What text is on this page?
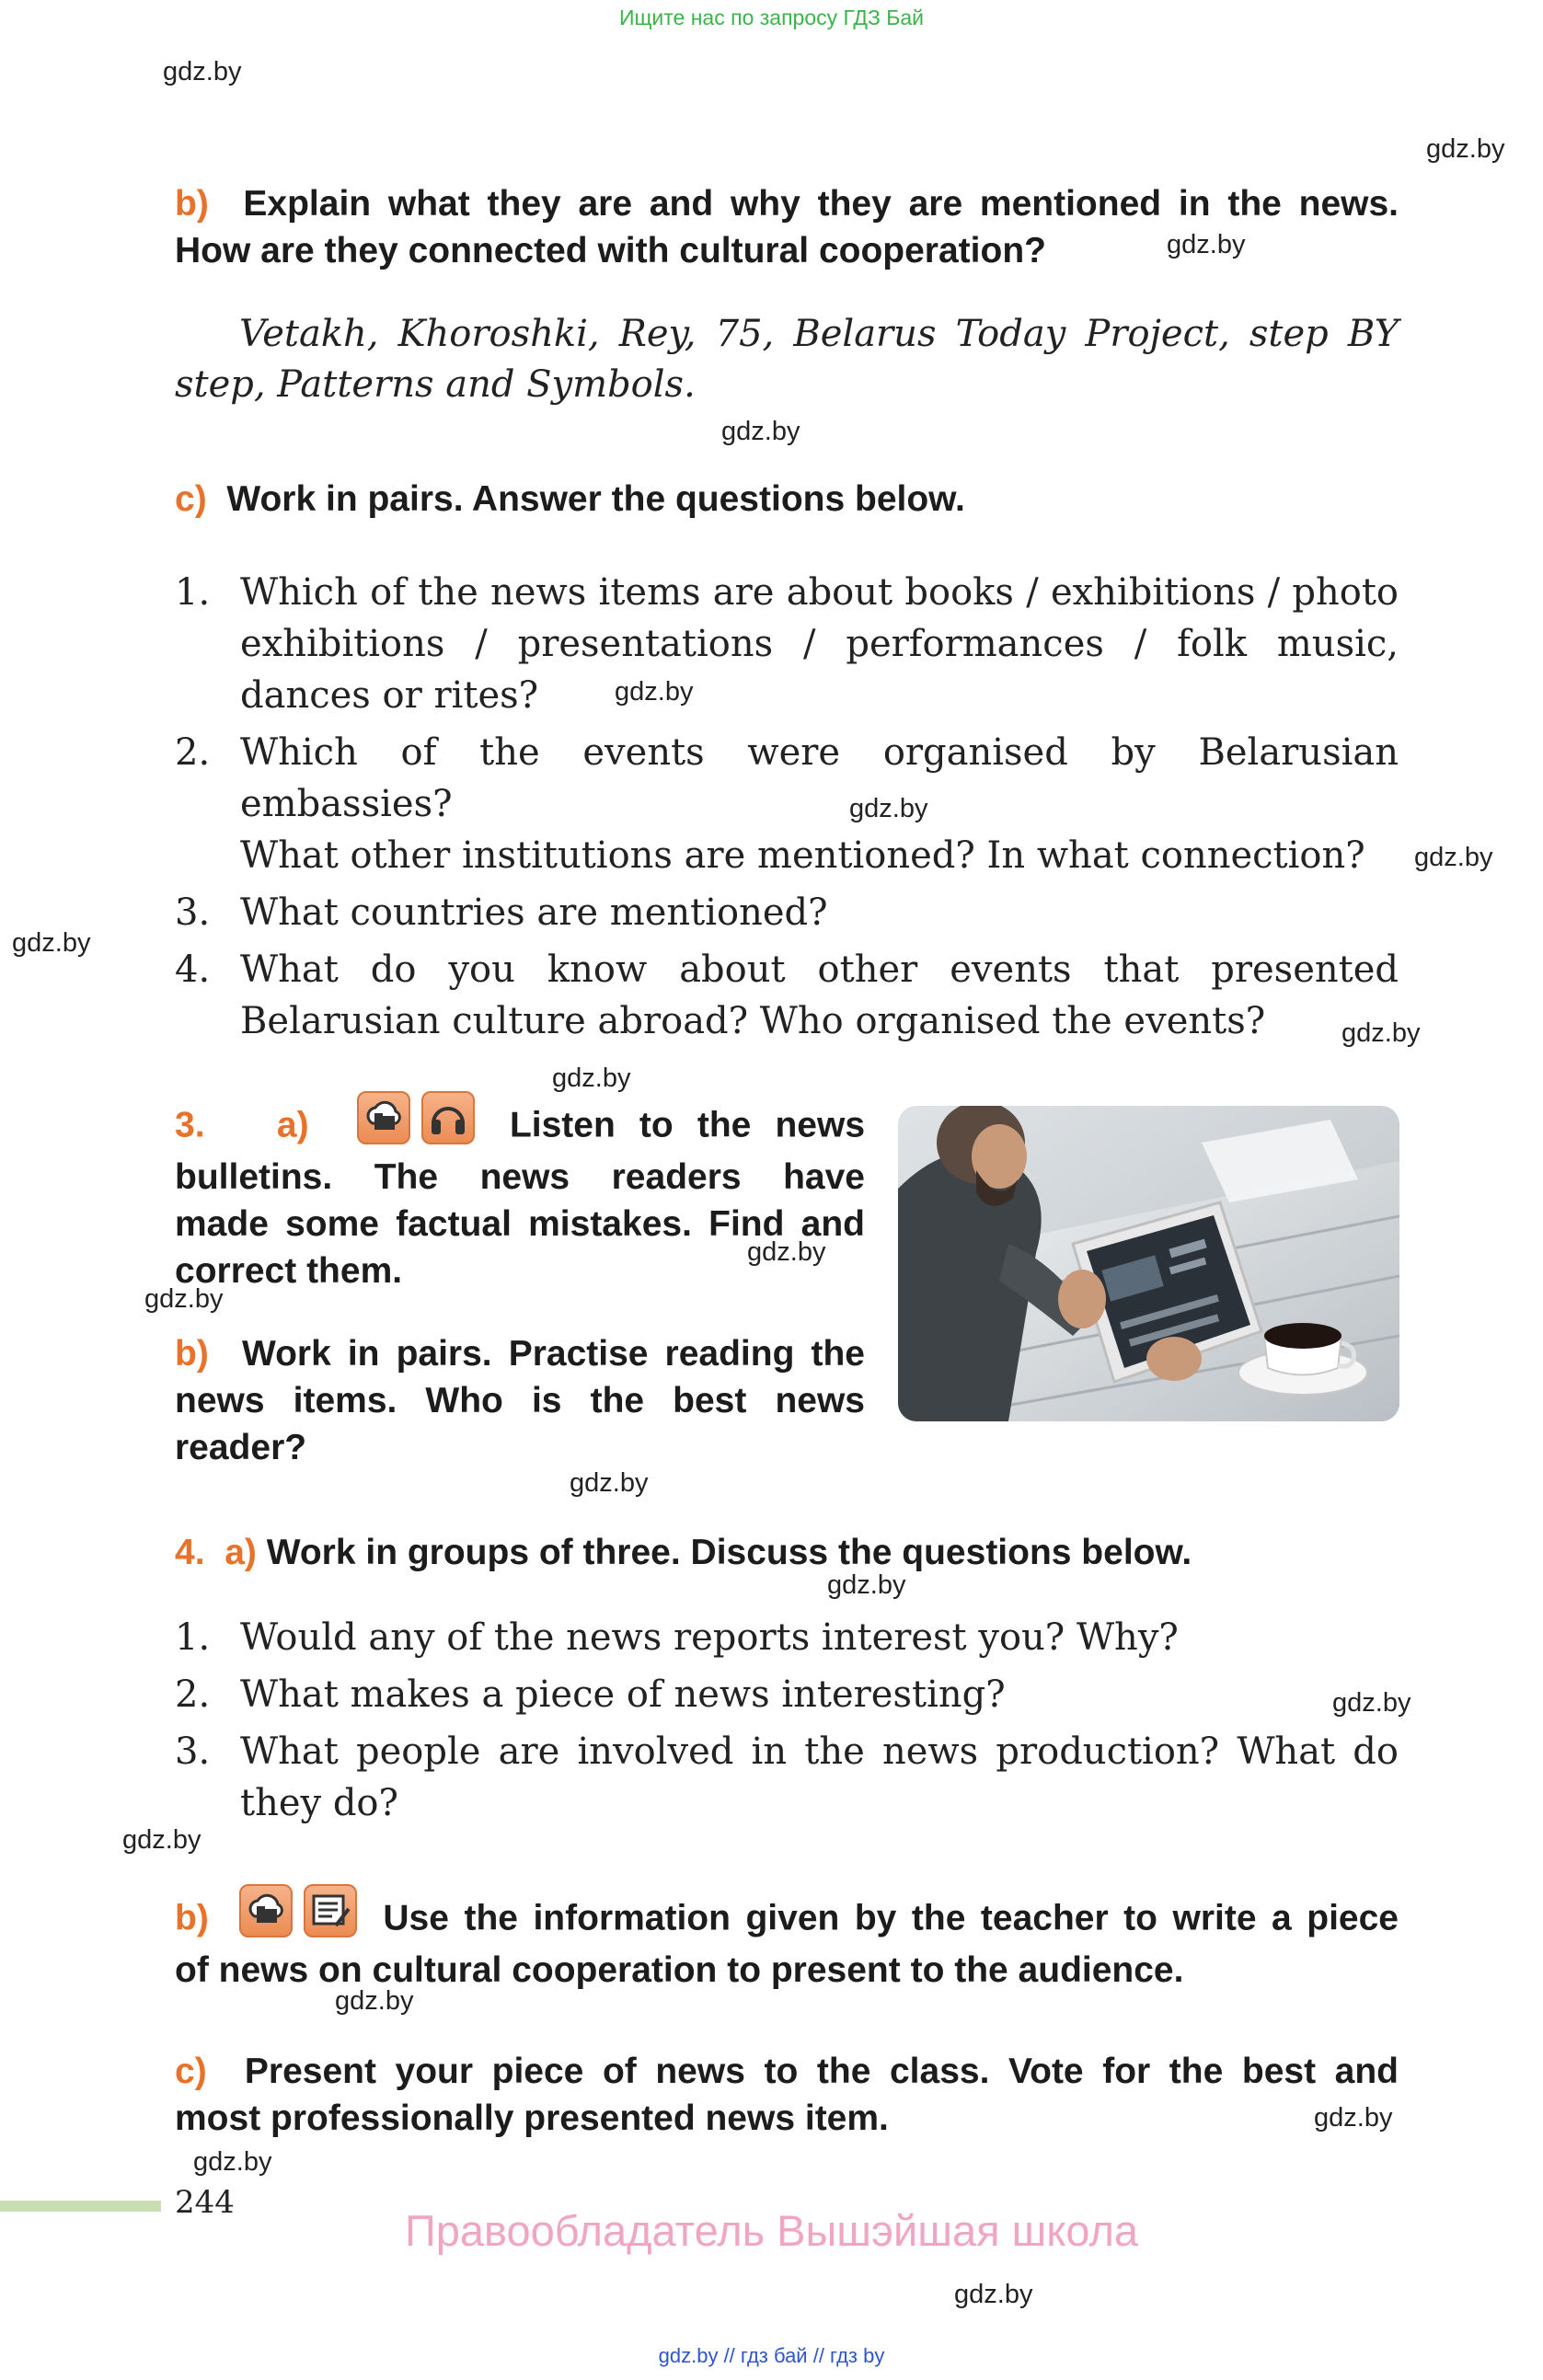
Ищите нас по запросу ГДЗ Бай
gdz.by
gdz.by
gdz.by
gdz.by
gdz.by
gdz.by
gdz.by
gdz.by
gdz.by
gdz.by
gdz.by
gdz.by
gdz.by
gdz.by
gdz.by
gdz.by
gdz.by
gdz.by
gdz.by
gdz.by
b) Explain what they are and why they are mentioned in the news.
How are they connected with cultural cooperation?
Vetakh, Khoroshki, Rey, 75, Belarus Today Project, step BY
step, Patterns and Symbols.
c) Work in pairs. Answer the questions below.
1. Which of the news items are about books / exhibitions / photo
exhibitions / presentations / performances / folk music,
dances or rites?
2. Which of the events were organised by Belarusian
embassies?
What other institutions are mentioned? In what connection?
3. What countries are mentioned?
4. What do you know about other events that presented
Belarusian culture abroad? Who organised the events?
3. a)	Listen to the news
bulletins. The news readers have
made some factual mistakes. Find and
correct them.
b) Work in pairs. Practise reading the
news items. Who is the best news
reader?
4. a) Work in groups of three. Discuss the questions below.
1. Would any of the news reports interest you? Why?
2. What makes a piece of news interesting?
3. What people are involved in the news production? What do
they do?
b)	Use the information given by the teacher to write a piece
of news on cultural cooperation to present to the audience.
c) Present your piece of news to the class. Vote for the best and
most professionally presented news item.
244
Правообладатель Вышэйшая школа
gdz.by // гдз бай // гдз by
